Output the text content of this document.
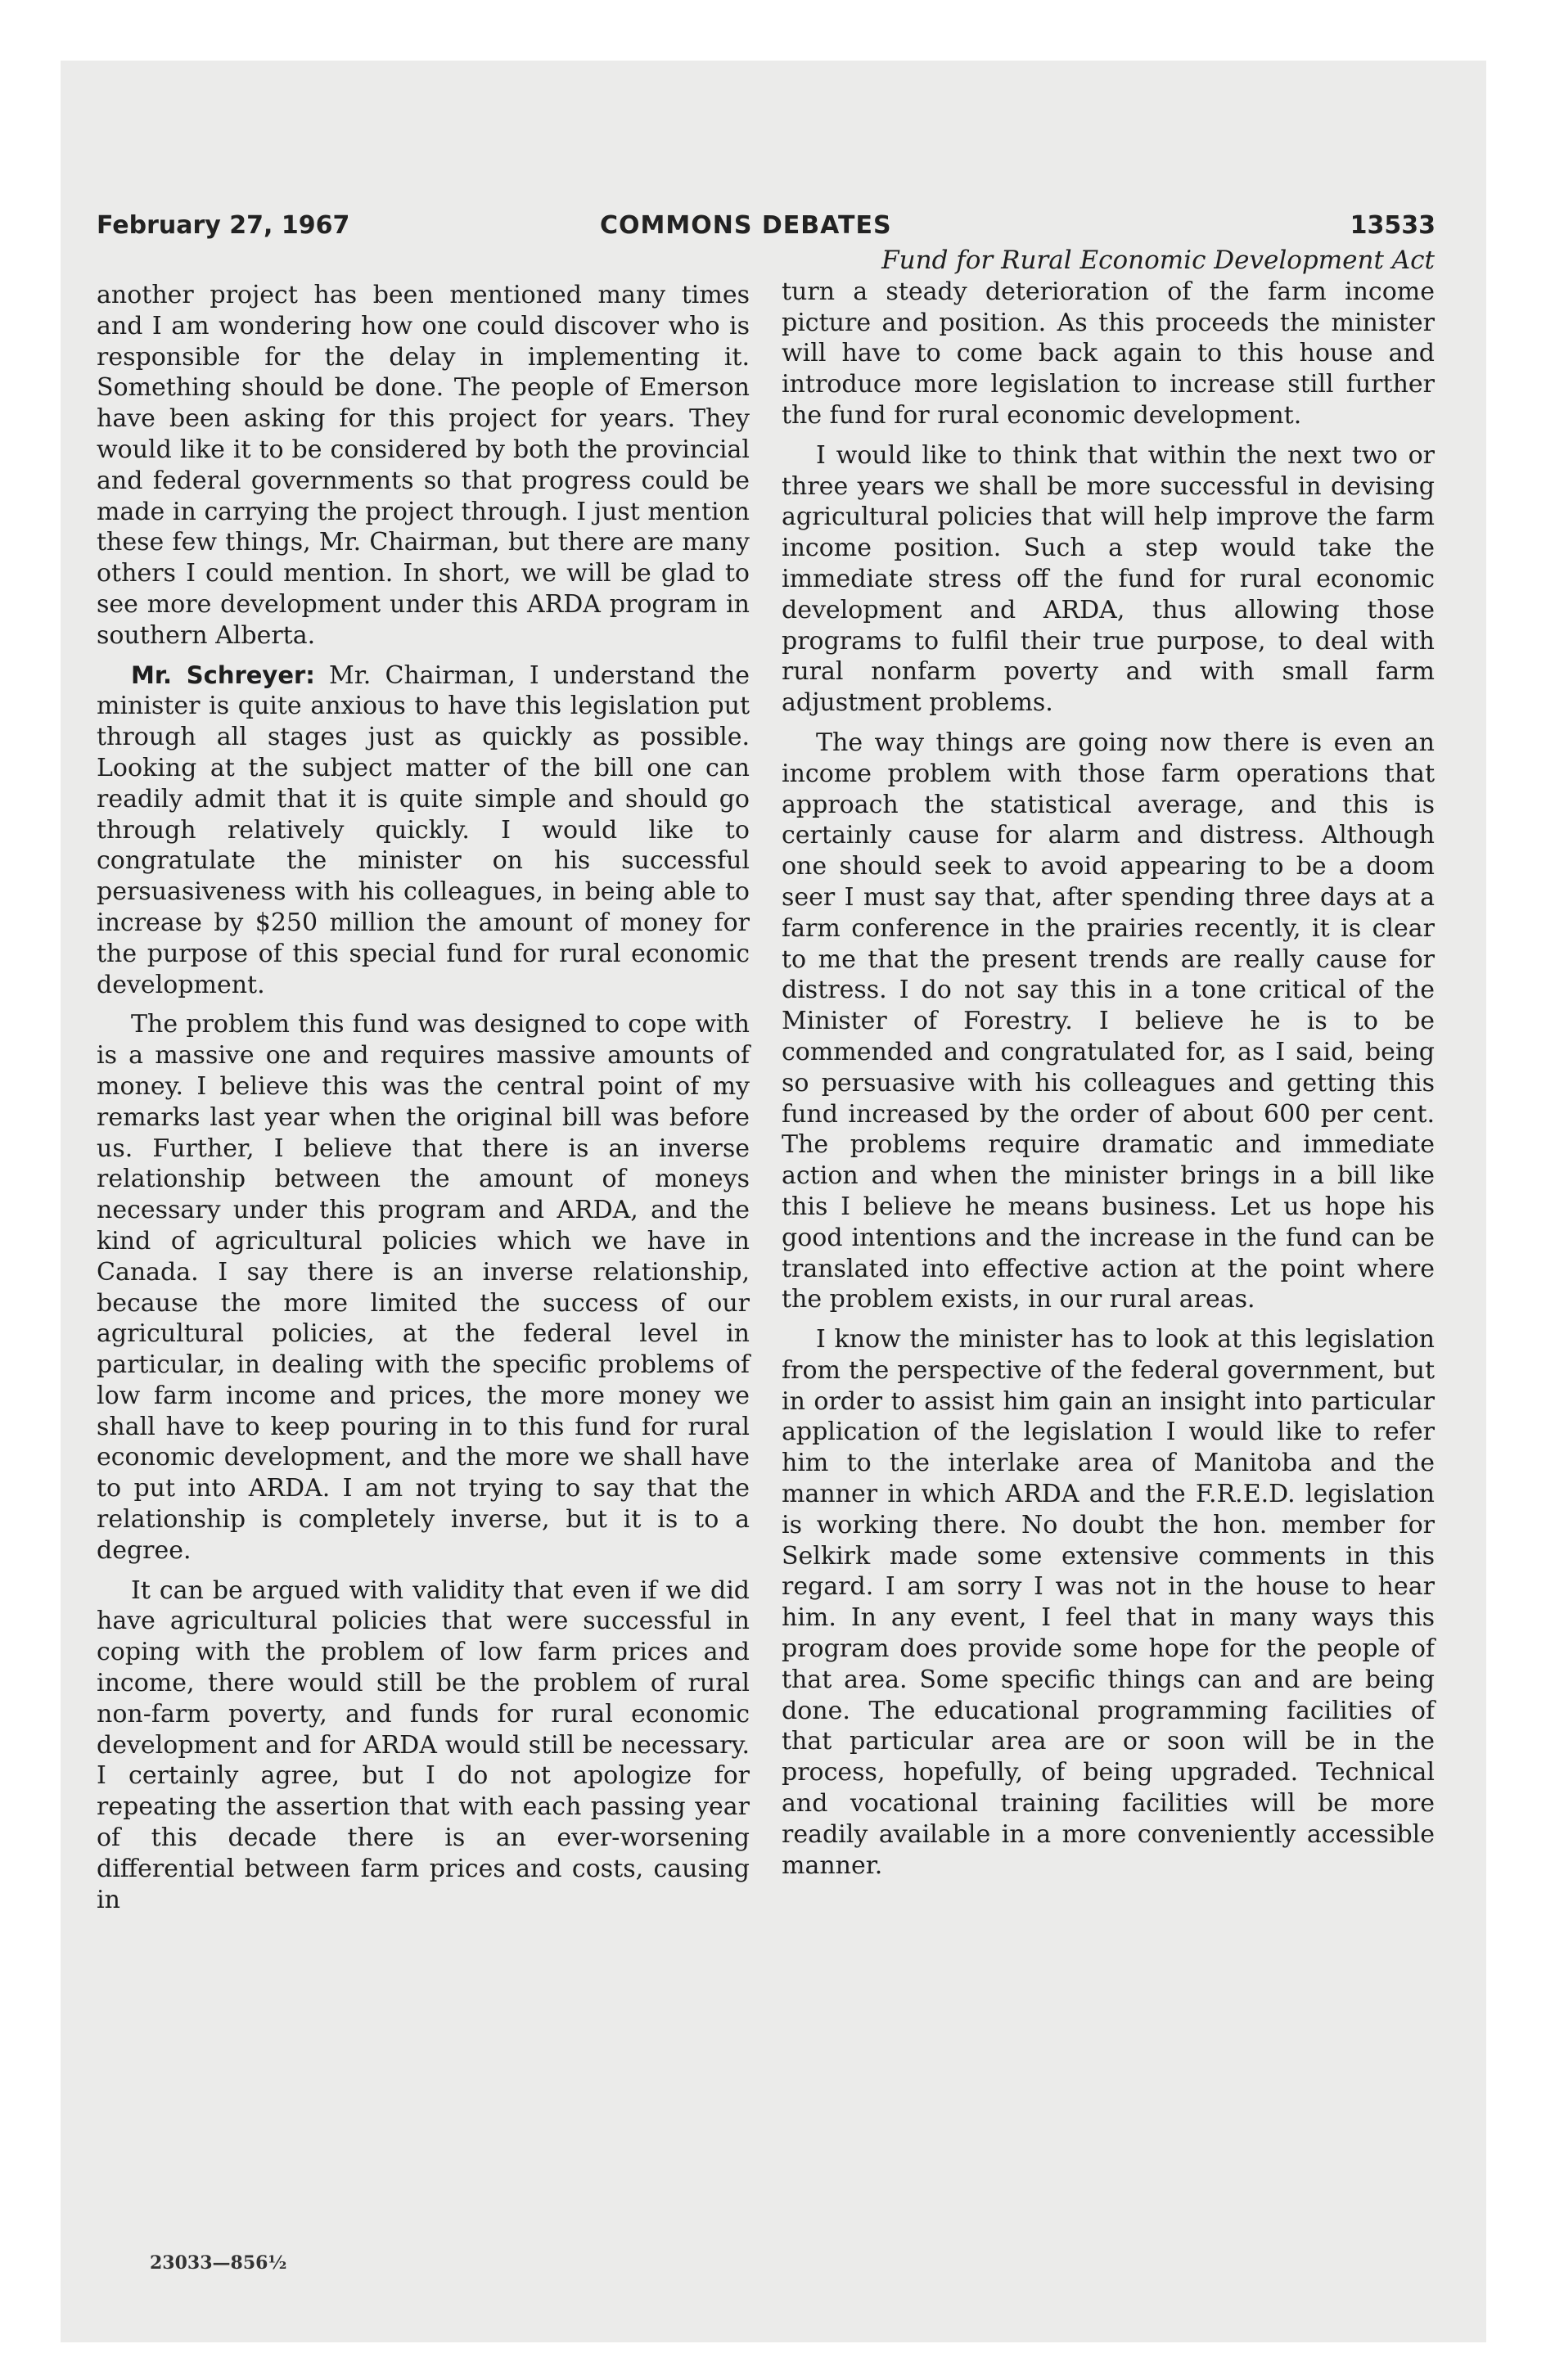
February 27, 1967	COMMONS DEBATES	13533

another project has been mentioned many times and I am wondering how one could discover who is responsible for the delay in implementing it. Something should be done. The people of Emerson have been asking for this project for years. They would like it to be considered by both the provincial and federal governments so that progress could be made in carrying the project through. I just mention these few things, Mr. Chairman, but there are many others I could mention. In short, we will be glad to see more development under this ARDA program in southern Alberta.

Mr. Schreyer: Mr. Chairman, I understand the minister is quite anxious to have this legislation put through all stages just as quickly as possible. Looking at the subject matter of the bill one can readily admit that it is quite simple and should go through relatively quickly. I would like to congratulate the minister on his successful persuasiveness with his colleagues, in being able to increase by $250 million the amount of money for the purpose of this special fund for rural economic development.

The problem this fund was designed to cope with is a massive one and requires massive amounts of money. I believe this was the central point of my remarks last year when the original bill was before us. Further, I believe that there is an inverse relationship between the amount of moneys necessary under this program and ARDA, and the kind of agricultural policies which we have in Canada. I say there is an inverse relationship, because the more limited the success of our agricultural policies, at the federal level in particular, in dealing with the specific problems of low farm income and prices, the more money we shall have to keep pouring in to this fund for rural economic development, and the more we shall have to put into ARDA. I am not trying to say that the relationship is completely inverse, but it is to a degree.

It can be argued with validity that even if we did have agricultural policies that were successful in coping with the problem of low farm prices and income, there would still be the problem of rural non-farm poverty, and funds for rural economic development and for ARDA would still be necessary. I certainly agree, but I do not apologize for repeating the assertion that with each passing year of this decade there is an ever-worsening differential between farm prices and costs, causing in

Fund for Rural Economic Development Act

turn a steady deterioration of the farm income picture and position. As this proceeds the minister will have to come back again to this house and introduce more legislation to increase still further the fund for rural economic development.

I would like to think that within the next two or three years we shall be more successful in devising agricultural policies that will help improve the farm income position. Such a step would take the immediate stress off the fund for rural economic development and ARDA, thus allowing those programs to fulfil their true purpose, to deal with rural nonfarm poverty and with small farm adjustment problems.

The way things are going now there is even an income problem with those farm operations that approach the statistical average, and this is certainly cause for alarm and distress. Although one should seek to avoid appearing to be a doom seer I must say that, after spending three days at a farm conference in the prairies recently, it is clear to me that the present trends are really cause for distress. I do not say this in a tone critical of the Minister of Forestry. I believe he is to be commended and congratulated for, as I said, being so persuasive with his colleagues and getting this fund increased by the order of about 600 per cent. The problems require dramatic and immediate action and when the minister brings in a bill like this I believe he means business. Let us hope his good intentions and the increase in the fund can be translated into effective action at the point where the problem exists, in our rural areas.

I know the minister has to look at this legislation from the perspective of the federal government, but in order to assist him gain an insight into particular application of the legislation I would like to refer him to the interlake area of Manitoba and the manner in which ARDA and the F.R.E.D. legislation is working there. No doubt the hon. member for Selkirk made some extensive comments in this regard. I am sorry I was not in the house to hear him. In any event, I feel that in many ways this program does provide some hope for the people of that area. Some specific things can and are being done. The educational programming facilities of that particular area are or soon will be in the process, hopefully, of being upgraded. Technical and vocational training facilities will be more readily available in a more conveniently accessible manner.

23033—856½
